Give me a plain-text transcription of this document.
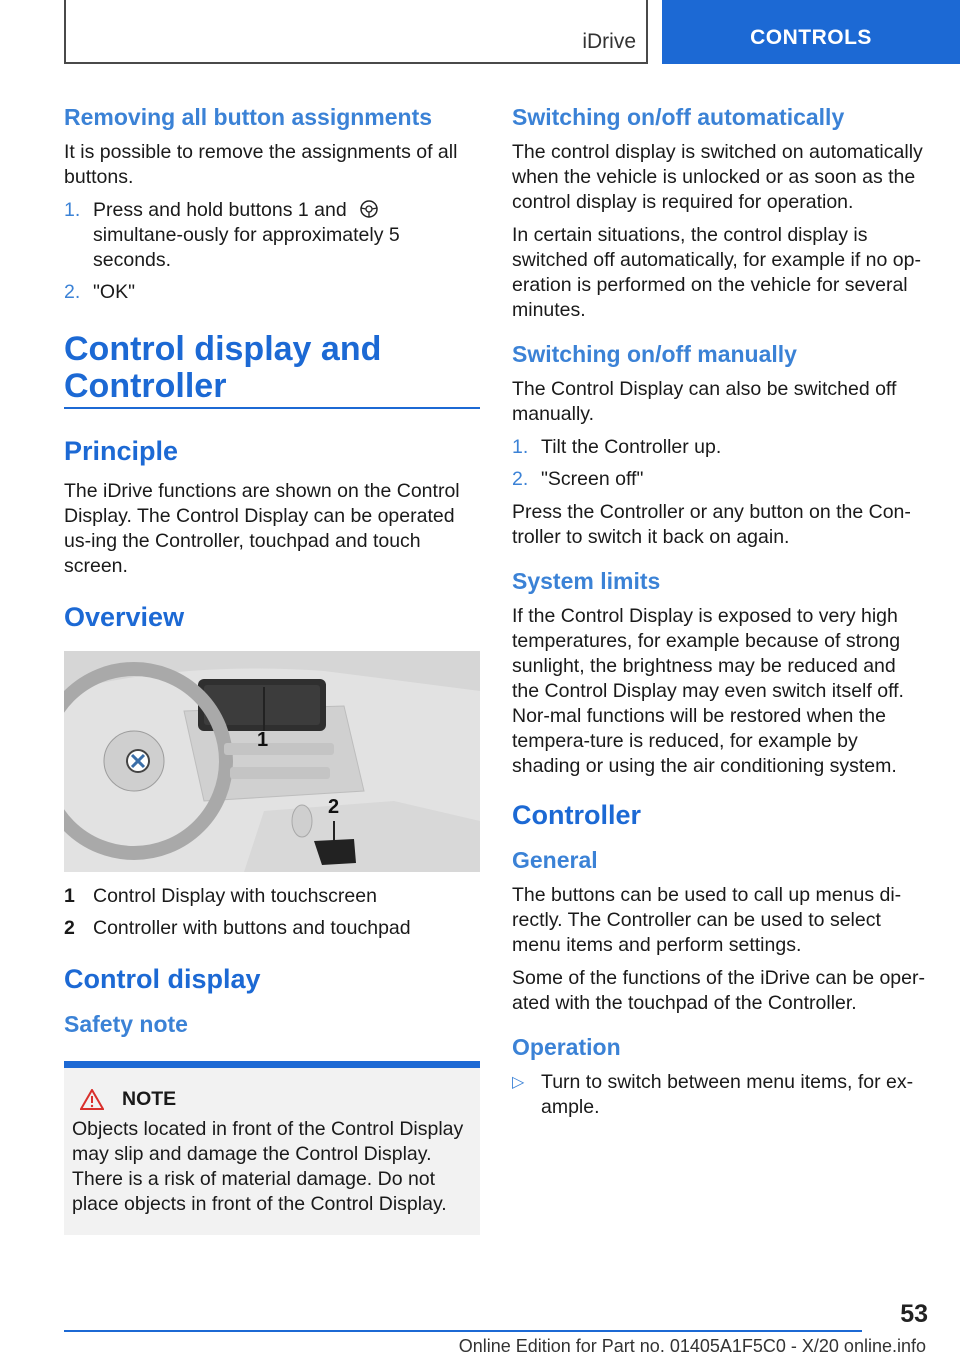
iDrive	CONTROLS
Removing all button assignments

It is possible to remove the assignments of all buttons.

1. Press and hold buttons 1 and  simultane-ously for approximately 5 seconds.
2. "OK"
Control display and Controller
Principle

The iDrive functions are shown on the Control Display. The Control Display can be operated us-ing the Controller, touchpad and touch screen.

Overview
1
2
1 Control Display with touchscreen
2 Controller with buttons and touchpad
Control display
Safety note
NOTE

Objects located in front of the Control Display may slip and damage the Control Display. There is a risk of material damage. Do not place objects in front of the Control Display.

Switching on/off automatically

The control display is switched on automatically when the vehicle is unlocked or as soon as the control display is required for operation.

In certain situations, the control display is switched off automatically, for example if no op-eration is performed on the vehicle for several minutes.

Switching on/off manually

The Control Display can also be switched off manually.

1. Tilt the Controller up.
2. "Screen off"

Press the Controller or any button on the Con-troller to switch it back on again.

System limits

If the Control Display is exposed to very high temperatures, for example because of strong sunlight, the brightness may be reduced and the Control Display may even switch itself off. Nor-mal functions will be restored when the tempera-ture is reduced, for example by shading or using the air conditioning system.

Controller
General

The buttons can be used to call up menus di-rectly. The Controller can be used to select menu items and perform settings.

Some of the functions of the iDrive can be oper-ated with the touchpad of the Controller.

Operation
▷ Turn to switch between menu items, for ex-ample.
53
Online Edition for Part no. 01405A1F5C0 - X/20 online.info
